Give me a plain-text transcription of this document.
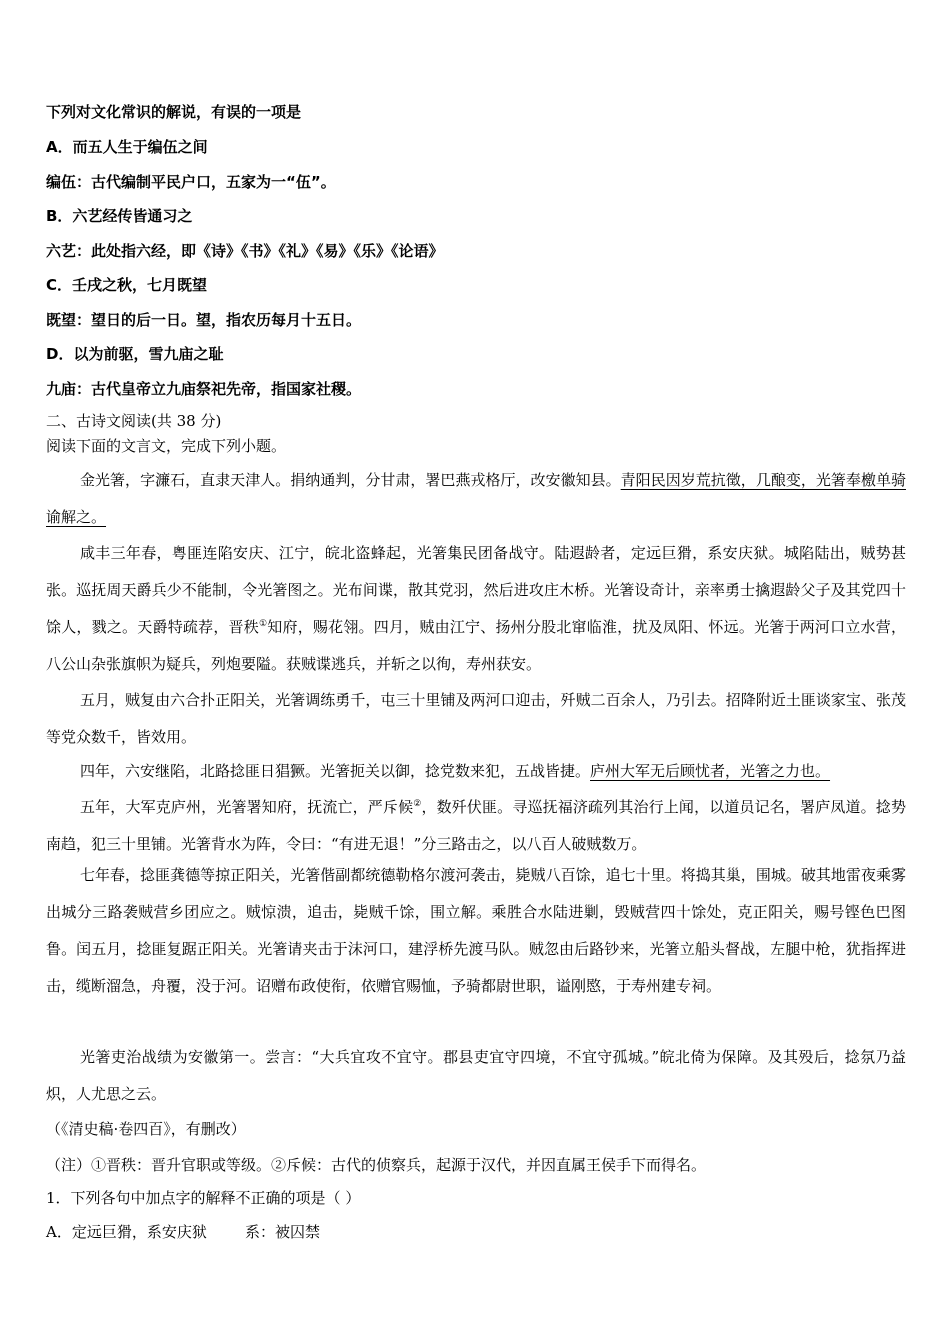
下列对文化常识的解说，有误的一项是
A．而五人生于编伍之间
编伍：古代编制平民户口，五家为一“伍”。
B．六艺经传皆通习之
六艺：此处指六经，即《诗》《书》《礼》《易》《乐》《论语》
C．壬戌之秋，七月既望
既望：望日的后一日。望，指农历每月十五日。
D．以为前驱，雪九庙之耻
九庙：古代皇帝立九庙祭祀先帝，指国家社稷。
二、古诗文阅读(共 38 分)
阅读下面的文言文，完成下列小题。

金光箸，字濂石，直隶天津人。捐纳通判，分甘肃，署巴燕戎格厅，改安徽知县。青阳民因岁荒抗徵，几酿变，光箸奉檄单骑谕解之。

咸丰三年春，粤匪连陷安庆、江宁，皖北盗蜂起，光箸集民团备战守。陆遐龄者，定远巨猾，系安庆狱。城陷陆出，贼势甚张。巡抚周天爵兵少不能制，令光箸图之。光布间谍，散其党羽，然后进攻庄木桥。光箸设奇计，亲率勇士擒遐龄父子及其党四十馀人，戮之。天爵特疏荐，晋秩①知府，赐花翎。四月，贼由江宁、扬州分股北窜临淮，扰及凤阳、怀远。光箸于两河口立水营，八公山杂张旗帜为疑兵，列炮要隘。获贼谍逃兵，并斩之以徇，寿州获安。

五月，贼复由六合扑正阳关，光箸调练勇千，屯三十里铺及两河口迎击，歼贼二百余人，乃引去。招降附近土匪谈家宝、张茂等党众数千，皆效用。

四年，六安继陷，北路捻匪日猖獗。光箸扼关以御，捻党数来犯，五战皆捷。庐州大军无后顾忧者，光箸之力也。

五年，大军克庐州，光箸署知府，抚流亡，严斥候②，数歼伏匪。寻巡抚福济疏列其治行上闻，以道员记名，署庐凤道。捻势南趋，犯三十里铺。光箸背水为阵，令曰：“有进无退！”分三路击之，以八百人破贼数万。

七年春，捻匪龚德等掠正阳关，光箸偕副都统德勒格尔渡河袭击，毙贼八百馀，追七十里。将捣其巢，围城。破其地雷夜乘雾出城分三路袭贼营乡团应之。贼惊溃，追击，毙贼千馀，围立解。乘胜合水陆进剿，毁贼营四十馀处，克正阳关，赐号铿色巴图鲁。闰五月，捻匪复踞正阳关。光箸请夹击于沫河口，建浮桥先渡马队。贼忽由后路钞来，光箸立船头督战，左腿中枪，犹指挥进击，缆断溜急，舟覆，没于河。诏赠布政使衔，依赠官赐恤，予骑都尉世职，谥刚愍，于寿州建专祠。

光箸吏治战绩为安徽第一。尝言：“大兵宜攻不宜守。郡县吏宜守四境，不宜守孤城。”皖北倚为保障。及其殁后，捻氛乃益炽，人尤思之云。

（《清史稿·卷四百》，有删改）
（注）①晋秩：晋升官职或等级。②斥候：古代的侦察兵，起源于汉代，并因直属王侯手下而得名。
1．下列各句中加点字的解释不正确的项是（ ）
A．定远巨猾，系安庆狱        系：被囚禁
